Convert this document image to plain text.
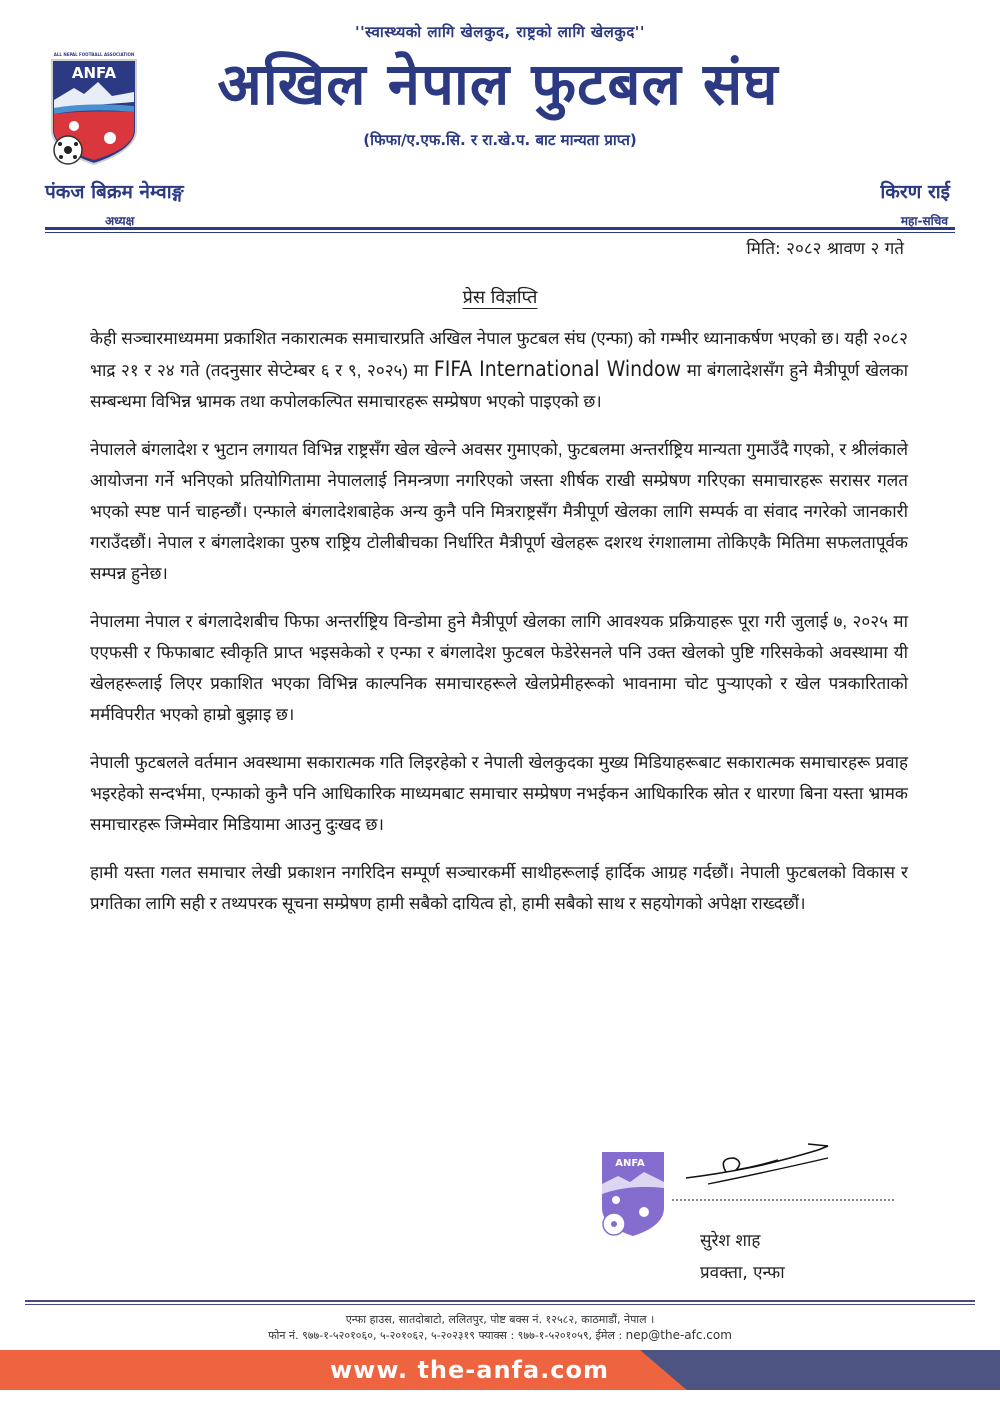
ALL NEPAL FOOTBALL ASSOCIATION
ANFA
''स्वास्थ्यको लागि खेलकुद, राष्ट्रको लागि खेलकुद''
अखिल नेपाल फुटबल संघ
(फिफा/ए.एफ.सि. र रा.खे.प. बाट मान्यता प्राप्त)
पंकज बिक्रम नेम्वाङ्ग
अध्यक्ष
किरण राई
महा-सचिव
मिति: २०८२ श्रावण २ गते
प्रेस विज्ञप्ति

केही सञ्चारमाध्यममा प्रकाशित नकारात्मक समाचारप्रति अखिल नेपाल फुटबल संघ (एन्फा) को गम्भीर ध्यानाकर्षण भएको छ। यही २०८२ भाद्र २१ र २४ गते (तदनुसार सेप्टेम्बर ६ र ९, २०२५) मा FIFA International Window मा बंगलादेशसँग हुने मैत्रीपूर्ण खेलका सम्बन्धमा विभिन्न भ्रामक तथा कपोलकल्पित समाचारहरू सम्प्रेषण भएको पाइएको छ।

नेपालले बंगलादेश र भुटान लगायत विभिन्न राष्ट्रसँग खेल खेल्ने अवसर गुमाएको, फुटबलमा अन्तर्राष्ट्रिय मान्यता गुमाउँदै गएको, र श्रीलंकाले आयोजना गर्ने भनिएको प्रतियोगितामा नेपाललाई निमन्त्रणा नगरिएको जस्ता शीर्षक राखी सम्प्रेषण गरिएका समाचारहरू सरासर गलत भएको स्पष्ट पार्न चाहन्छौं। एन्फाले बंगलादेशबाहेक अन्य कुनै पनि मित्रराष्ट्रसँग मैत्रीपूर्ण खेलका लागि सम्पर्क वा संवाद नगरेको जानकारी गराउँदछौं। नेपाल र बंगलादेशका पुरुष राष्ट्रिय टोलीबीचका निर्धारित मैत्रीपूर्ण खेलहरू दशरथ रंगशालामा तोकिएकै मितिमा सफलतापूर्वक सम्पन्न हुनेछ।

नेपालमा नेपाल र बंगलादेशबीच फिफा अन्तर्राष्ट्रिय विन्डोमा हुने मैत्रीपूर्ण खेलका लागि आवश्यक प्रक्रियाहरू पूरा गरी जुलाई ७, २०२५ मा एएफसी र फिफाबाट स्वीकृति प्राप्त भइसकेको र एन्फा र बंगलादेश फुटबल फेडेरेसनले पनि उक्त खेलको पुष्टि गरिसकेको अवस्थामा यी खेलहरूलाई लिएर प्रकाशित भएका विभिन्न काल्पनिक समाचारहरूले खेलप्रेमीहरूको भावनामा चोट पुर्‍याएको र खेल पत्रकारिताको मर्मविपरीत भएको हाम्रो बुझाइ छ।

नेपाली फुटबलले वर्तमान अवस्थामा सकारात्मक गति लिइरहेको र नेपाली खेलकुदका मुख्य मिडियाहरूबाट सकारात्मक समाचारहरू प्रवाह भइरहेको सन्दर्भमा, एन्फाको कुनै पनि आधिकारिक माध्यमबाट समाचार सम्प्रेषण नभईकन आधिकारिक स्रोत र धारणा बिना यस्ता भ्रामक समाचारहरू जिम्मेवार मिडियामा आउनु दुःखद छ।

हामी यस्ता गलत समाचार लेखी प्रकाशन नगरिदिन सम्पूर्ण सञ्चारकर्मी साथीहरूलाई हार्दिक आग्रह गर्दछौं। नेपाली फुटबलको विकास र प्रगतिका लागि सही र तथ्यपरक सूचना सम्प्रेषण हामी सबैको दायित्व हो, हामी सबैको साथ र सहयोगको अपेक्षा राख्दछौं।

ANFA
सुरेश शाह
प्रवक्ता, एन्फा
एन्फा हाउस, सातदोबाटो, ललितपुर, पोष्ट बक्स नं. १२५८२, काठमाडौं, नेपाल ।
फोन नं. ९७७-१-५२०१०६०, ५-२०१०६२, ५-२०२३१९ फ्याक्स : ९७७-१-५२०१०५९, ईमेल : nep@the-afc.com
www. the-anfa.com
